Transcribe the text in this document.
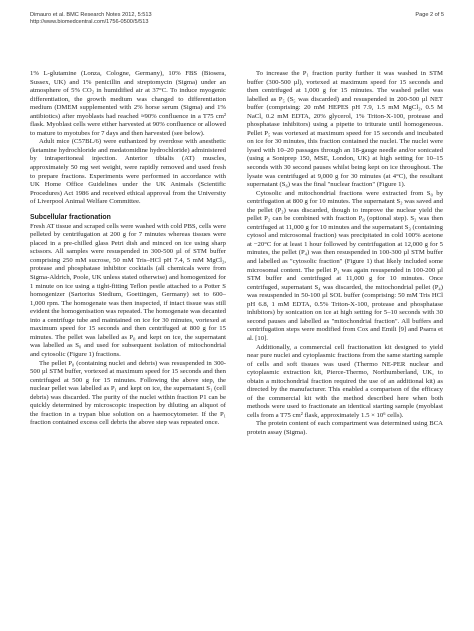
Dimauro et al. BMC Research Notes 2012, 5:513
http://www.biomedcentral.com/1756-0500/5/513
Page 2 of 5

1% L-glutamine (Lonza, Cologne, Germany), 10% FBS (Biosera, Sussex, UK) and 1% penicillin and streptomycin (Sigma) under an atmosphere of 5% CO₂ in humidified air at 37°C. To induce myogenic differentiation, the growth medium was changed to differentiation medium (DMEM supplemented with 2% horse serum (Sigma) and 1% antibiotics) after myoblasts had reached ≈90% confluence in a T75 cm² flask. Myoblast cells were either harvested at 90% confluence or allowed to mature to myotubes for 7 days and then harvested (see below).

Adult mice (C57BL/6) were euthanized by overdose with anesthetic (ketamine hydrochloride and medatomidine hydrochloride) administered by intraperitoneal injection. Anterior tibialis (AT) muscles, approximately 50 mg wet weight, were rapidly removed and used fresh to prepare fractions. Experiments were performed in accordance with UK Home Office Guidelines under the UK Animals (Scientific Procedures) Act 1986 and received ethical approval from the University of Liverpool Animal Welfare Committee.

Subcellular fractionation

Fresh AT tissue and scraped cells were washed with cold PBS, cells were pelleted by centrifugation at 200 g for 7 minutes whereas tissues were placed in a pre-chilled glass Petri dish and minced on ice using sharp scissors. All samples were resuspended in 300-500 µl of STM buffer comprising 250 mM sucrose, 50 mM Tris–HCl pH 7.4, 5 mM MgCl₂, protease and phosphatase inhibitor cocktails (all chemicals were from Sigma-Aldrich, Poole, UK unless stated otherwise) and homogenized for 1 minute on ice using a tight-fitting Teflon pestle attached to a Potter S homogenizer (Sartorius Stedium, Goettingen, Germany) set to 600–1,000 rpm. The homogenate was then inspected, if intact tissue was still evident the homogenisation was repeated. The homogenate was decanted into a centrifuge tube and maintained on ice for 30 minutes, vortexed at maximum speed for 15 seconds and then centrifuged at 800 g for 15 minutes. The pellet was labelled as P₀ and kept on ice, the supernatant was labelled as S₀ and used for subsequent isolation of mitochondrial and cytosolic (Figure 1) fractions.

The pellet P₀ (containing nuclei and debris) was resuspended in 300-500 µl STM buffer, vortexed at maximum speed for 15 seconds and then centrifuged at 500 g for 15 minutes. Following the above step, the nuclear pellet was labelled as P₁ and kept on ice, the supernatant S₁ (cell debris) was discarded. The purity of the nuclei within fraction P1 can be quickly determined by microscopic inspection by diluting an aliquot of the fraction in a trypan blue solution on a haemocytometer. If the P₁ fraction contained excess cell debris the above step was repeated once.

To increase the P₁ fraction purity further it was washed in STM buffer (300-500 µl), vortexed at maximum speed for 15 seconds and then centrifuged at 1,000 g for 15 minutes. The washed pellet was labelled as P₅ (S₅ was discarded) and resuspended in 200-500 µl NET buffer (comprising: 20 mM HEPES pH 7.9, 1.5 mM MgCl₂, 0.5 M NaCl, 0.2 mM EDTA, 20% glycerol, 1% Triton-X-100, protease and phosphatase inhibitors) using a pipette to triturate until homogeneous. Pellet P₅ was vortexed at maximum speed for 15 seconds and incubated on ice for 30 minutes, this fraction contained the nuclei. The nuclei were lysed with 10–20 passages through an 18-gauge needle and/or sonicated (using a Sonіprep 150, MSE, London, UK) at high setting for 10–15 seconds with 30 second pauses whilst being kept on ice throughout. The lysate was centrifuged at 9,000 g for 30 minutes (at 4°C), the resultant supernatant (S₆) was the final "nuclear fraction" (Figure 1).

Cytosolic and mitochondrial fractions were extracted from S₀ by centrifugation at 800 g for 10 minutes. The supernatant S₂ was saved and the pellet (P₂) was discarded, though to improve the nuclear yield the pellet P₂ can be combined with fraction P₀ (optional step). S₂ was then centrifuged at 11,000 g for 10 minutes and the supernatant S₃ (containing cytosol and microsomal fraction) was precipitated in cold 100% acetone at −20°C for at least 1 hour followed by centrifugation at 12,000 g for 5 minutes, the pellet (P₄) was then resuspended in 100-300 µl STM buffer and labelled as "cytosolic fraction" (Figure 1) that likely included some microsomal content. The pellet P₃ was again resuspended in 100-200 µl STM buffer and centrifuged at 11,000 g for 10 minutes. Once centrifuged, supernatant S₄ was discarded, the mitochondrial pellet (P₄) was resuspended in 50-100 µl SOL buffer (comprising: 50 mM Tris HCl pH 6.8, 1 mM EDTA, 0.5% Triton-X-100, protease and phosphatase inhibitors) by sonication on ice at high setting for 5–10 seconds with 30 second pauses and labelled as "mitochondrial fraction". All buffers and centrifugation steps were modified from Cox and Emili [9] and Psarra et al. [10].

Additionally, a commercial cell fractionation kit designed to yield near pure nuclei and cytoplasmic fractions from the same starting sample of cells and soft tissues was used (Thermo NE-PER nuclear and cytoplasmic extraction kit, Pierce-Thermo, Northumberland, UK, to obtain a mitochondrial fraction required the use of an additional kit) as directed by the manufacturer. This enabled a comparison of the efficacy of the commercial kit with the method described here when both methods were used to fractionate an identical starting sample (myoblast cells from a T75 cm² flask, approximately 1.5 × 10⁶ cells).

The protein content of each compartment was determined using BCA protein assay (Sigma).
